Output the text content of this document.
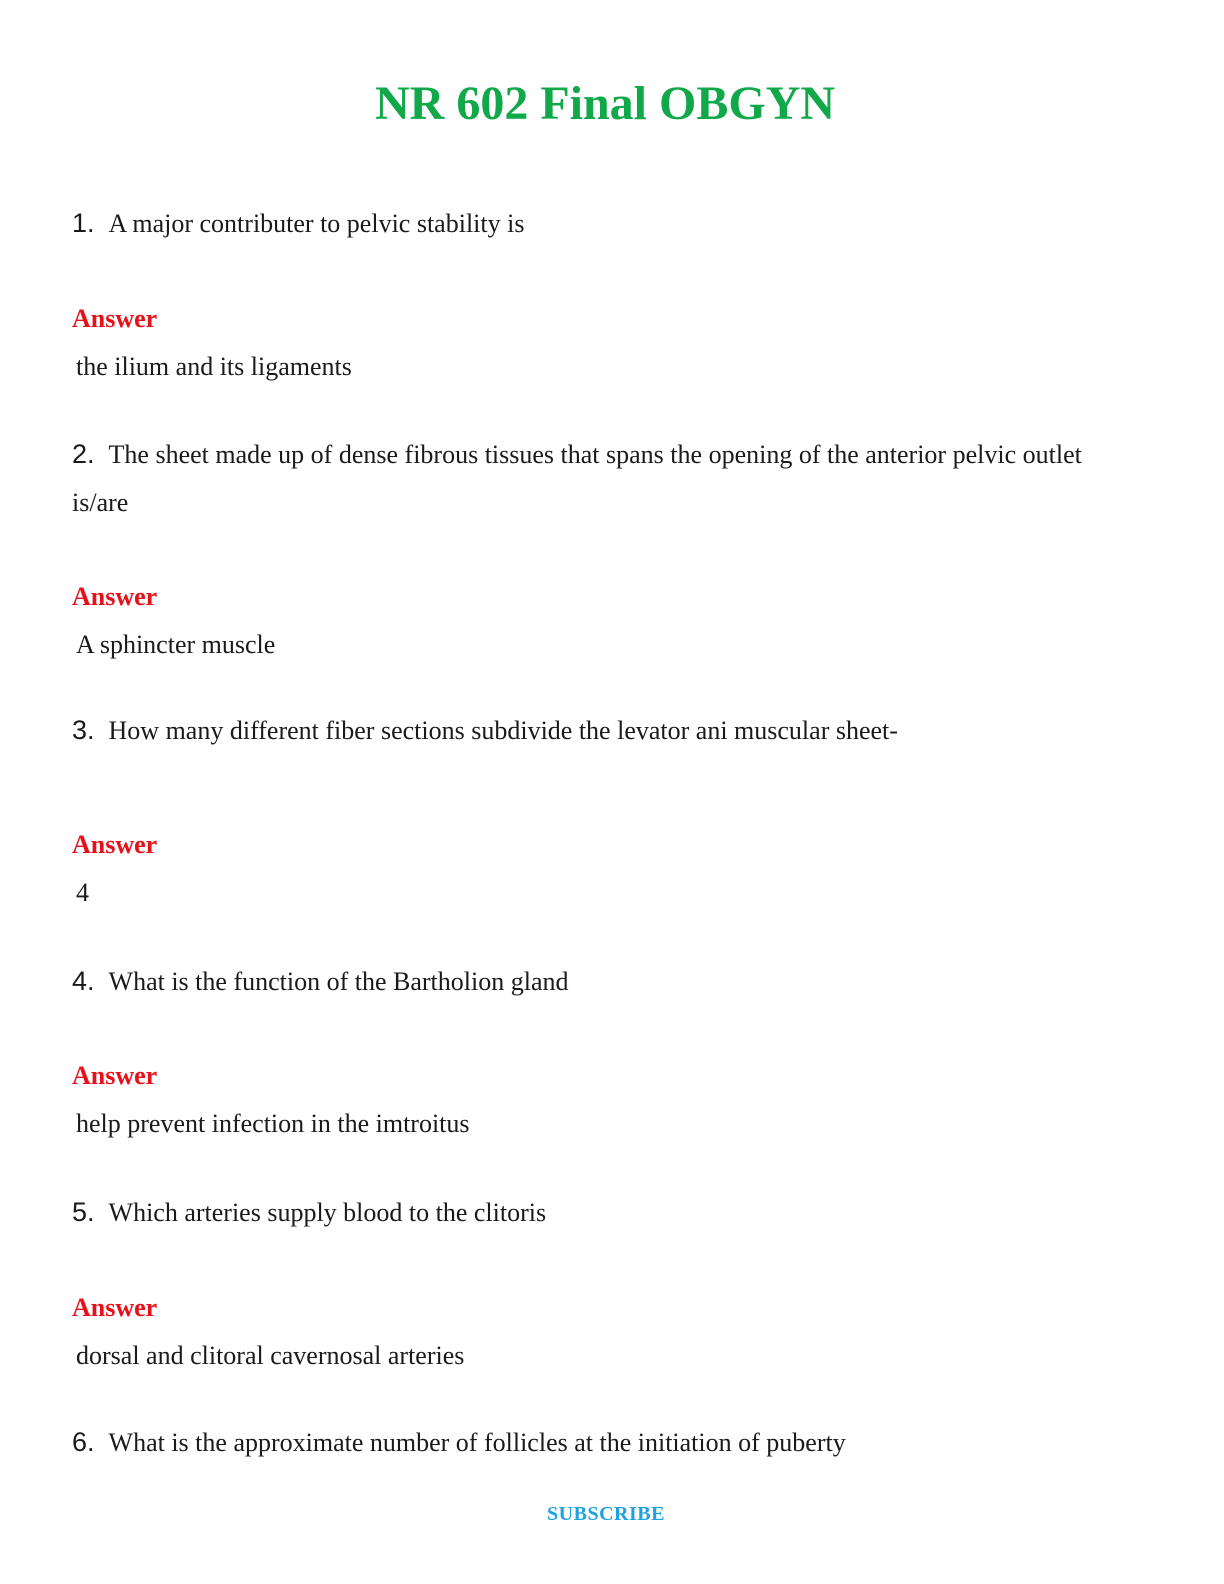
NR 602 Final OBGYN
1. A major contributer to pelvic stability is
Answer
the ilium and its ligaments
2. The sheet made up of dense fibrous tissues that spans the opening of the anterior pelvic outlet is/are
Answer
A sphincter muscle
3. How many different fiber sections subdivide the levator ani muscular sheet-
Answer
4
4. What is the function of the Bartholion gland
Answer
help prevent infection in the imtroitus
5. Which arteries supply blood to the clitoris
Answer
dorsal and clitoral cavernosal arteries
6. What is the approximate number of follicles at the initiation of puberty
SUBSCRIBE
